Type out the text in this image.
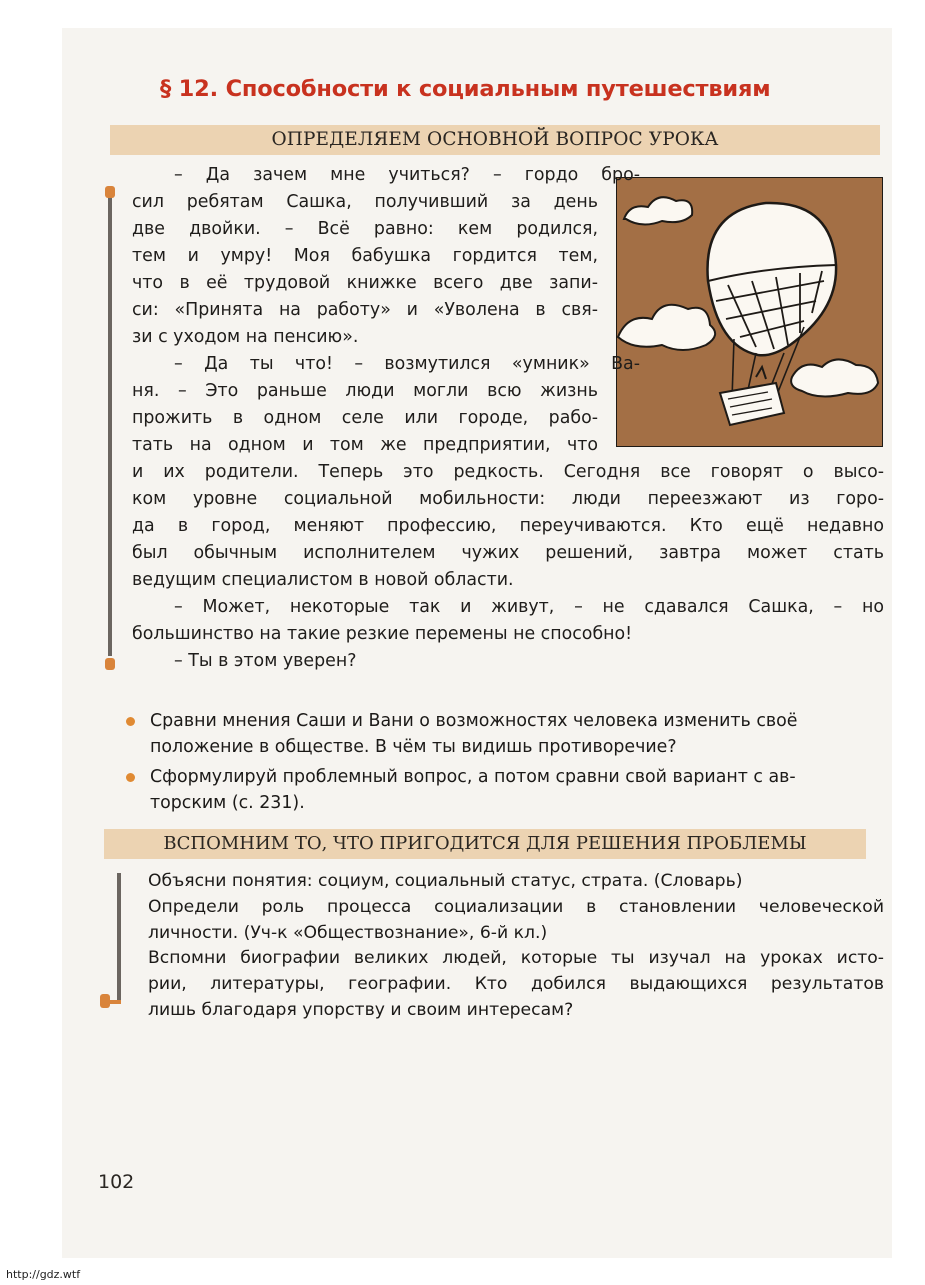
§ 12. Способности к социальным путешествиям
ОПРЕДЕЛЯЕМ ОСНОВНОЙ ВОПРОС УРОКА
– Да зачем мне учиться? – гордо бро-
сил ребятам Сашка, получивший за день
две двойки. – Всё равно: кем родился,
тем и умру! Моя бабушка гордится тем,
что в её трудовой книжке всего две запи-
си: «Принята на работу» и «Уволена в свя-
зи с уходом на пенсию».
– Да ты что! – возмутился «умник» Ва-
ня. – Это раньше люди могли всю жизнь
прожить в одном селе или городе, рабо-
тать на одном и том же предприятии, что
и их родители. Теперь это редкость. Сегодня все говорят о высо-
ком уровне социальной мобильности: люди переезжают из горо-
да в город, меняют профессию, переучиваются. Кто ещё недавно
был обычным исполнителем чужих решений, завтра может стать
ведущим специалистом в новой области.
– Может, некоторые так и живут, – не сдавался Сашка, – но
большинство на такие резкие перемены не способно!
– Ты в этом уверен?
Сравни мнения Саши и Вани о возможностях человека изменить своё
положение в обществе. В чём ты видишь противоречие?
Сформулируй проблемный вопрос, а потом сравни свой вариант с ав-
торским (с. 231).
ВСПОМНИМ ТО, ЧТО ПРИГОДИТСЯ ДЛЯ РЕШЕНИЯ ПРОБЛЕМЫ
Объясни понятия: социум, социальный статус, страта. (Словарь)
Определи роль процесса социализации в становлении человеческой
личности. (Уч-к «Обществознание», 6-й кл.)
Вспомни биографии великих людей, которые ты изучал на уроках исто-
рии, литературы, географии. Кто добился выдающихся результатов
лишь благодаря упорству и своим интересам?
102
http://gdz.wtf
